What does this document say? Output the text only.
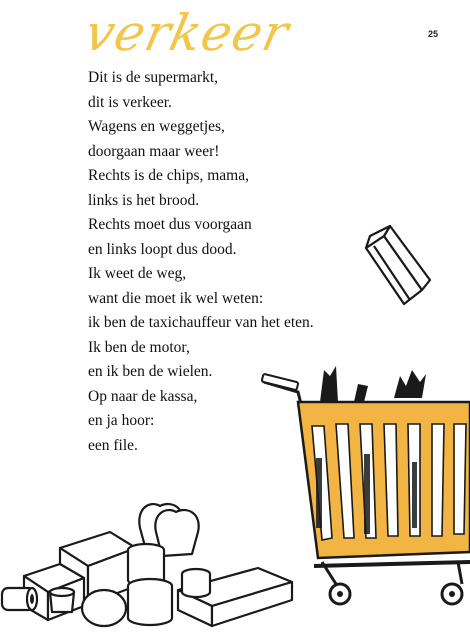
verkeer	25
Dit is de supermarkt,
dit is verkeer.
Wagens en weggetjes,
doorgaan maar weer!
Rechts is de chips, mama,
links is het brood.
Rechts moet dus voorgaan
en links loopt dus dood.
Ik weet de weg,
want die moet ik wel weten:
ik ben de taxichauffeur van het eten.
Ik ben de motor,
en ik ben de wielen.
Op naar de kassa,
en ja hoor:
een file.
